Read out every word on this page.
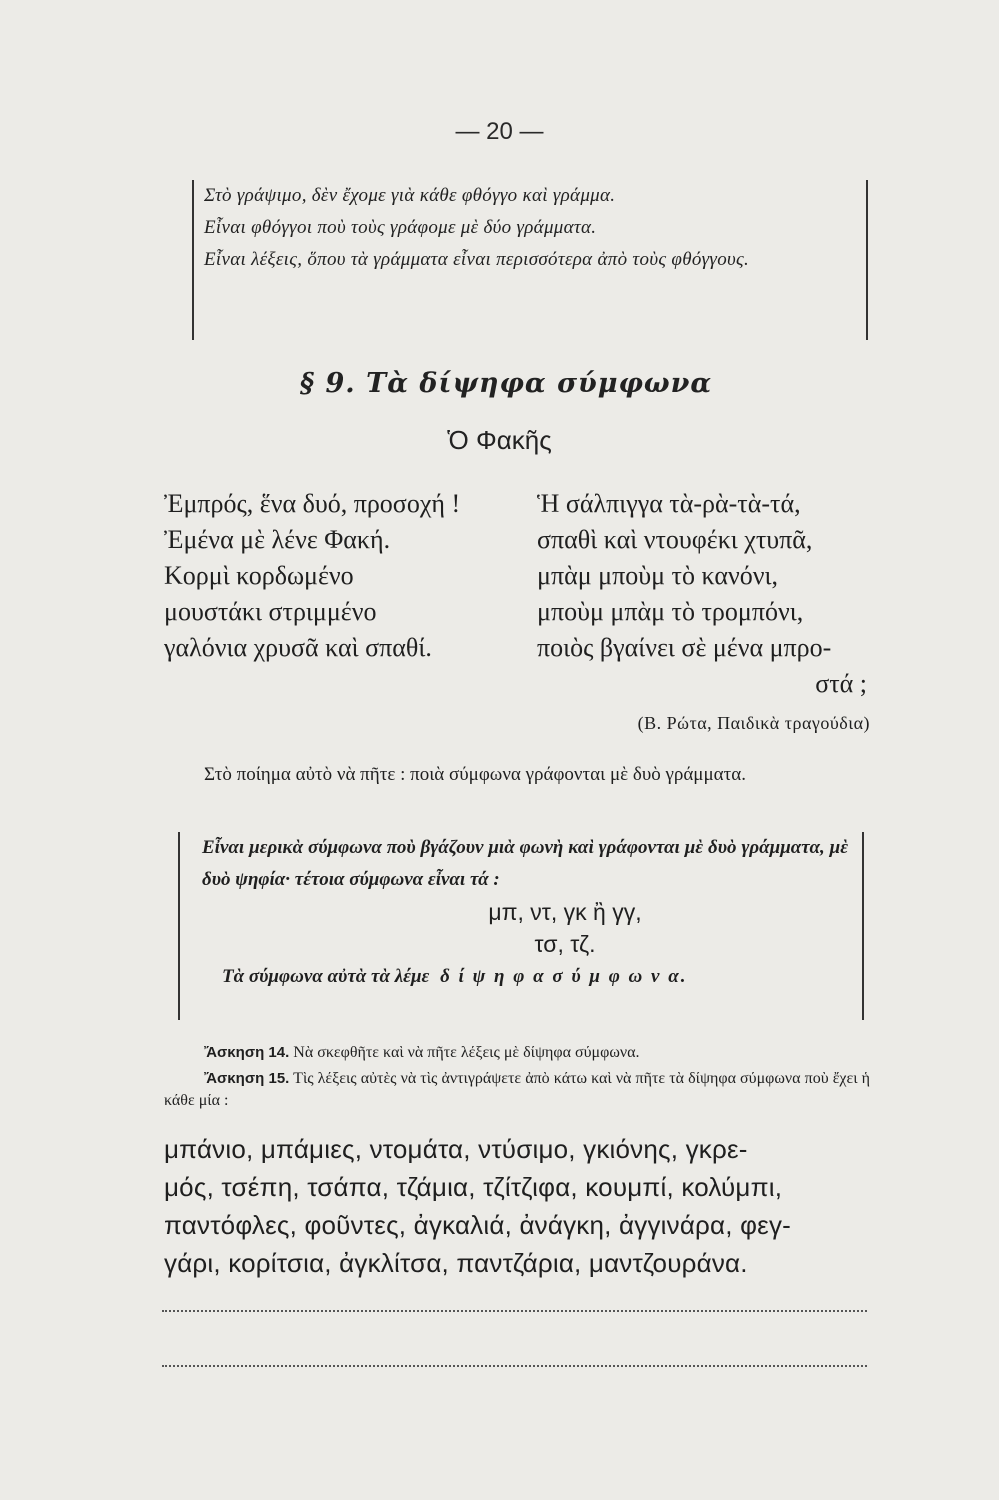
— 20 —

Στὸ γράψιμο, δὲν ἔχομε γιὰ κάθε φθόγγο καὶ γράμμα.

Εἶναι φθόγγοι ποὺ τοὺς γράφομε μὲ δύο γράμματα.

Εἶναι λέξεις, ὅπου τὰ γράμματα εἶναι περισσότερα ἀπὸ τοὺς φθόγγους.

§ 9. Τὰ δίψηφα σύμφωνα
Ὁ Φακῆς
Ἐμπρός, ἕνα δυό, προσοχή !
Ἐμένα μὲ λένε Φακή.
Κορμὶ κορδωμένο
μουστάκι στριμμένο
γαλόνια χρυσᾶ καὶ σπαθί.
Ἡ σάλπιγγα τὰ-ρὰ-τὰ-τά,
σπαθὶ καὶ ντουφέκι χτυπᾶ,
μπὰμ μποὺμ τὸ κανόνι,
μποὺμ μπὰμ τὸ τρομπόνι,
ποιὸς βγαίνει σὲ μένα μπρο-
στά ;
(Β. Ρώτα, Παιδικὰ τραγούδια)
Στὸ ποίημα αὐτὸ νὰ πῆτε : ποιὰ σύμφωνα γράφονται μὲ δυὸ γράμματα.

Εἶναι μερικὰ σύμφωνα ποὺ βγάζουν μιὰ φωνὴ καὶ γράφονται μὲ δυὸ γράμματα, μὲ δυὸ ψηφία· τέτοια σύμφωνα εἶναι τά :

μπ, ντ, γκ ἢ γγ,
τσ, τζ.
Τὰ σύμφωνα αὐτὰ τὰ λέμε δ ί ψ η φ α σ ύ μ φ ω ν α.
Ἄσκηση 14. Νὰ σκεφθῆτε καὶ νὰ πῆτε λέξεις μὲ δίψηφα σύμφωνα.
Ἄσκηση 15. Τὶς λέξεις αὐτὲς νὰ τὶς ἀντιγράψετε ἀπὸ κάτω καὶ νὰ πῆτε τὰ δίψηφα σύμφωνα ποὺ ἔχει ἡ κάθε μία :
μπάνιο, μπάμιες, ντομάτα, ντύσιμο, γκιόνης, γκρε-
μός, τσέπη, τσάπα, τζάμια, τζίτζιφα, κουμπί, κολύμπι,
παντόφλες, φοῦντες, ἀγκαλιά, ἀνάγκη, ἀγγινάρα, φεγ-
γάρι, κορίτσια, ἀγκλίτσα, παντζάρια, μαντζουράνα.
